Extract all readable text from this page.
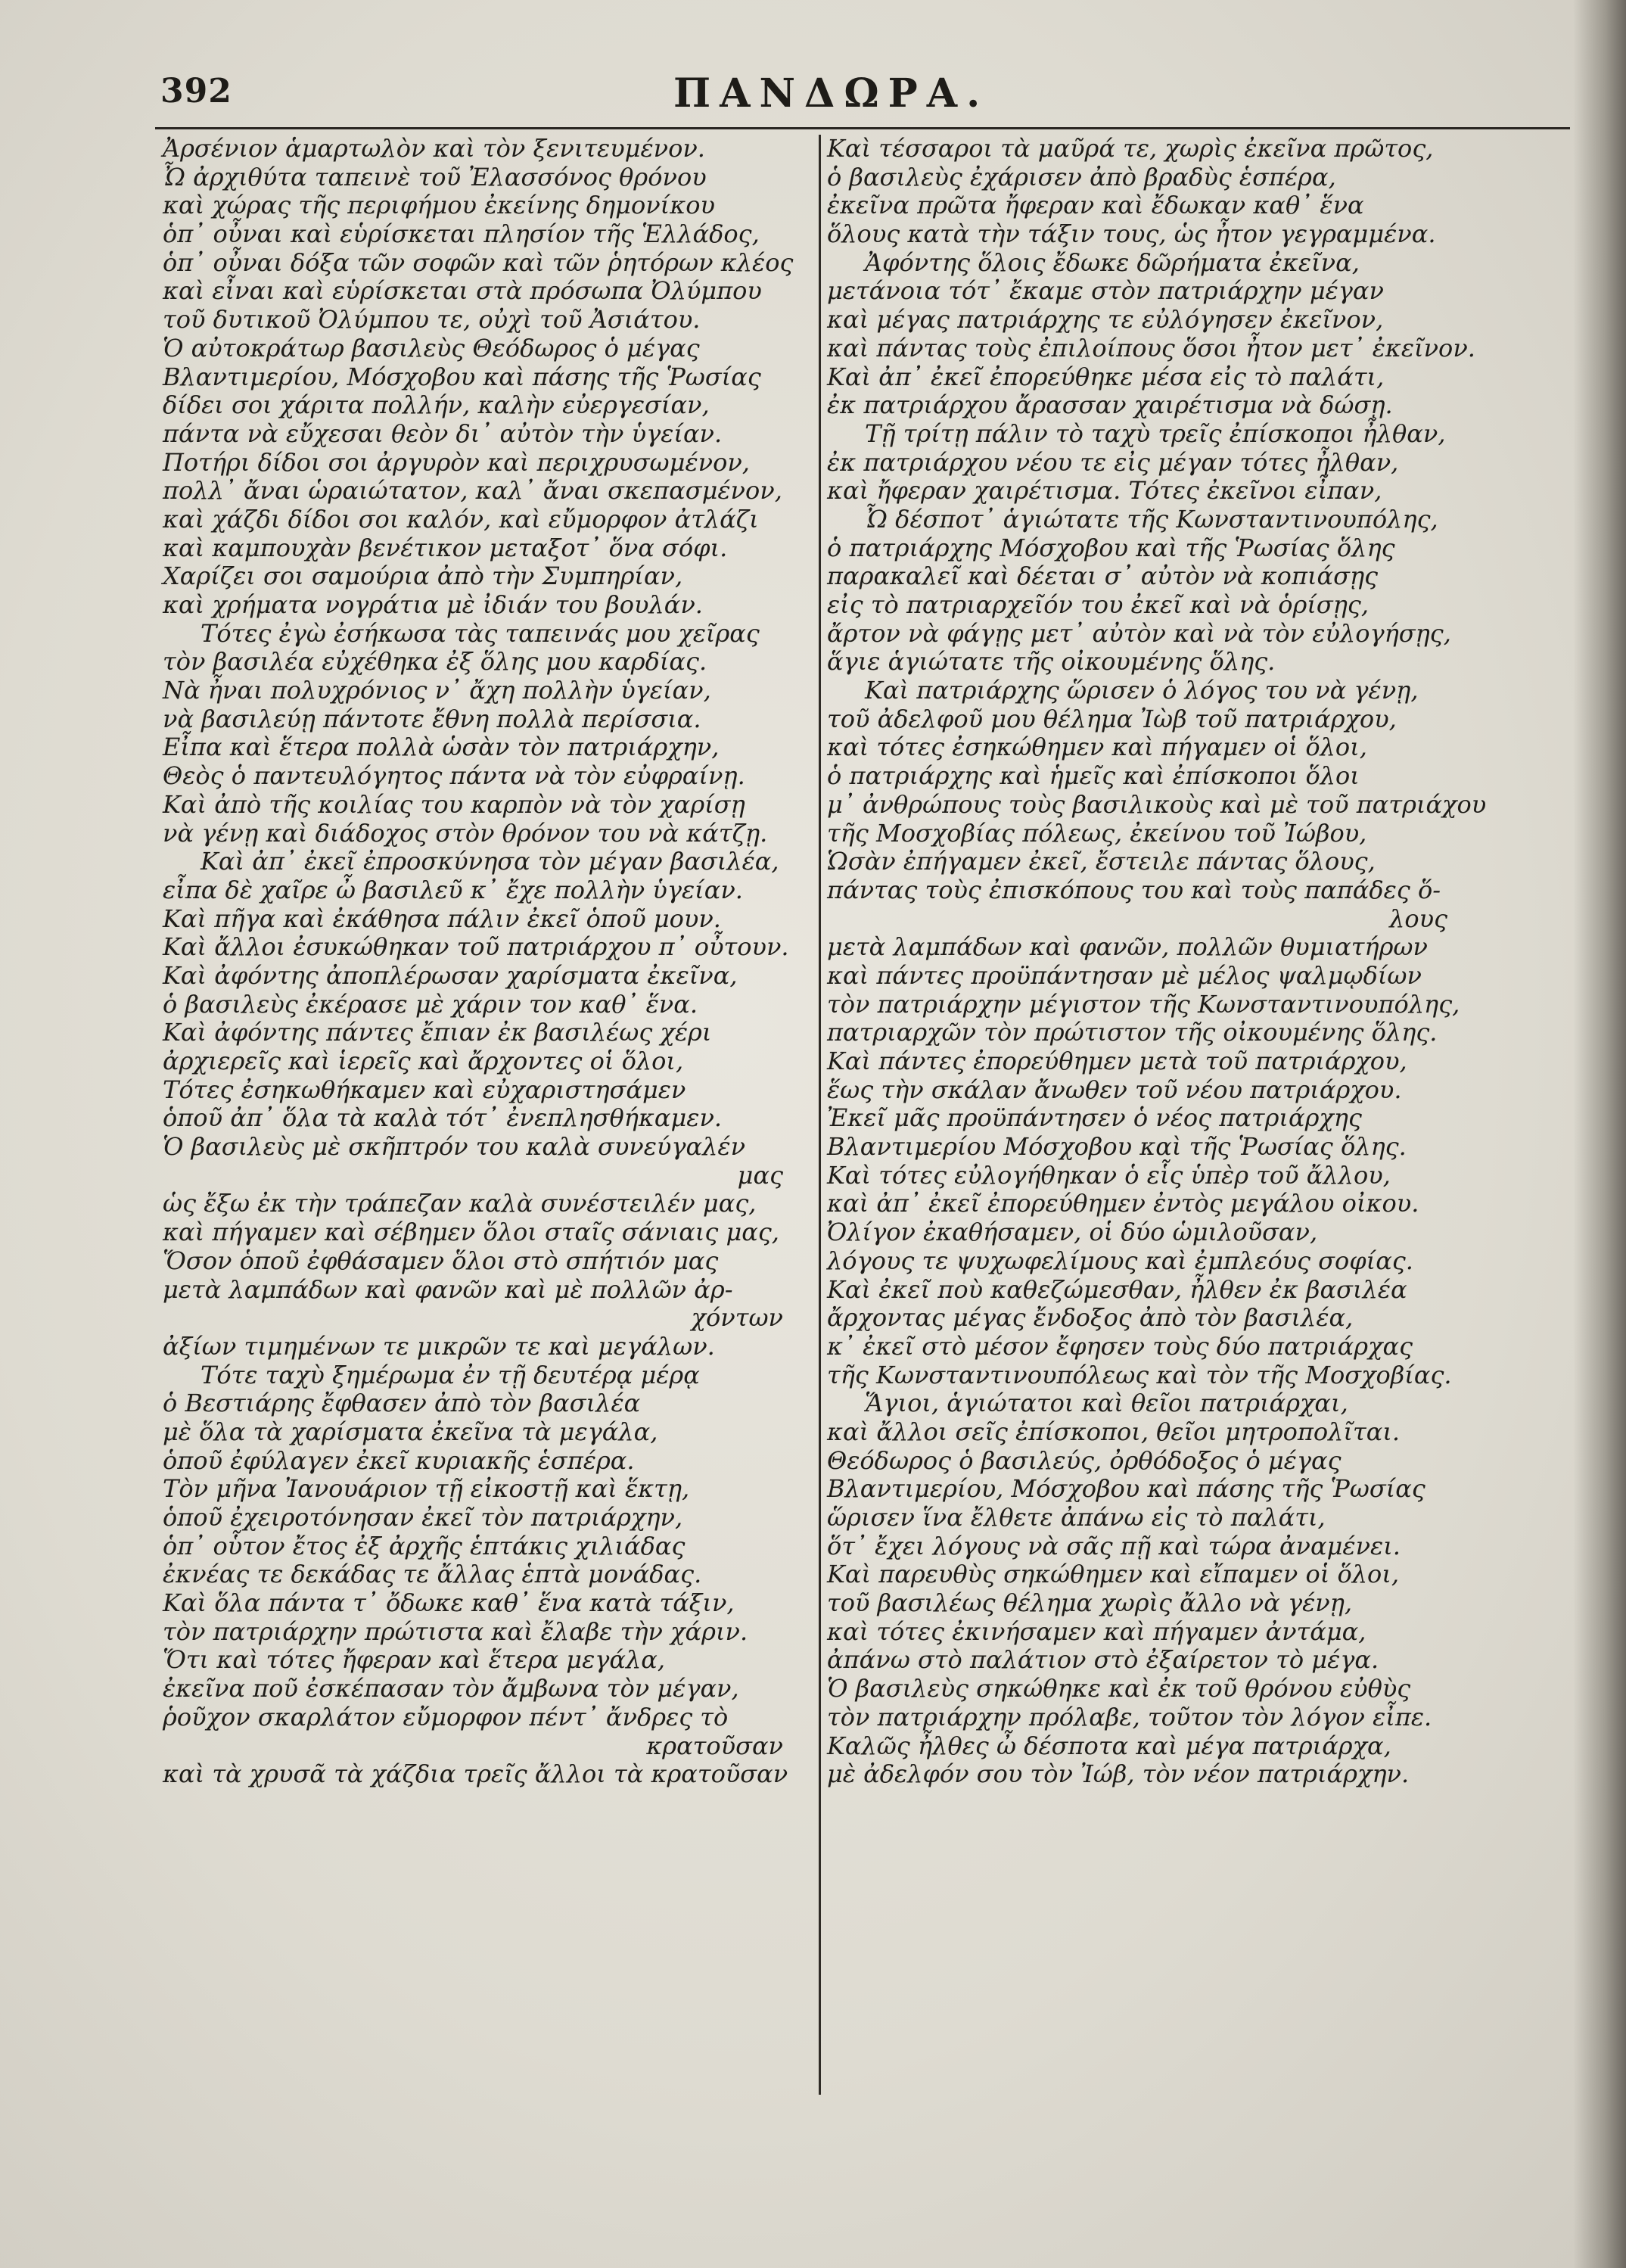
392	ΠΑΝΔΩΡΑ.
Ἀρσένιον ἁμαρτωλὸν καὶ τὸν ξενιτευμένον.
Ὦ ἀρχιθύτα ταπεινὲ τοῦ Ἐλασσόνος θρόνου
καὶ χώρας τῆς περιφήμου ἐκείνης δημονίκου
ὁπ᾽ οὖναι καὶ εὑρίσκεται πλησίον τῆς Ἑλλάδος,
ὁπ᾽ οὖναι δόξα τῶν σοφῶν καὶ τῶν ῥητόρων κλέος
καὶ εἶναι καὶ εὑρίσκεται στὰ πρόσωπα Ὀλύμπου
τοῦ δυτικοῦ Ὀλύμπου τε, οὐχὶ τοῦ Ἀσιάτου.
Ὁ αὐτοκράτωρ βασιλεὺς Θεόδωρος ὁ μέγας
Βλαντιμερίου, Μόσχοβου καὶ πάσης τῆς Ῥωσίας
δίδει σοι χάριτα πολλήν, καλὴν εὐεργεσίαν,
πάντα νὰ εὔχεσαι θεὸν δι᾽ αὐτὸν τὴν ὑγείαν.
Ποτήρι δίδοι σοι ἀργυρὸν καὶ περιχρυσωμένον,
πολλ᾽ ἄναι ὡραιώτατον, καλ᾽ ἄναι σκεπασμένον,
καὶ χάζδι δίδοι σοι καλόν, καὶ εὔμορφον ἀτλάζι
καὶ καμπουχὰν βενέτικον μεταξοτ᾽ ὅνα σόφι.
Χαρίζει σοι σαμούρια ἀπὸ τὴν Συμπηρίαν,
καὶ χρήματα νογράτια μὲ ἰδιάν του βουλάν.
Τότες ἐγὼ ἐσήκωσα τὰς ταπεινάς μου χεῖρας
τὸν βασιλέα εὐχέθηκα ἐξ ὅλης μου καρδίας.
Νὰ ἦναι πολυχρόνιος ν᾽ ἄχη πολλὴν ὑγείαν,
νὰ βασιλεύῃ πάντοτε ἔθνη πολλὰ περίσσια.
Εἶπα καὶ ἕτερα πολλὰ ὡσὰν τὸν πατριάρχην,
Θεὸς ὁ παντευλόγητος πάντα νὰ τὸν εὐφραίνῃ.
Καὶ ἀπὸ τῆς κοιλίας του καρπὸν νὰ τὸν χαρίσῃ
νὰ γένῃ καὶ διάδοχος στὸν θρόνον του νὰ κάτζῃ.
Καὶ ἀπ᾽ ἐκεῖ ἐπροσκύνησα τὸν μέγαν βασιλέα,
εἶπα δὲ χαῖρε ὦ βασιλεῦ κ᾽ ἔχε πολλὴν ὑγείαν.
Καὶ πῆγα καὶ ἐκάθησα πάλιν ἐκεῖ ὁποῦ μουν.
Καὶ ἄλλοι ἐσυκώθηκαν τοῦ πατριάρχου π᾽ οὖτουν.
Καὶ ἀφόντης ἀποπλέρωσαν χαρίσματα ἐκεῖνα,
ὁ βασιλεὺς ἐκέρασε μὲ χάριν τον καθ᾽ ἕνα.
Καὶ ἀφόντης πάντες ἔπιαν ἐκ βασιλέως χέρι
ἀρχιερεῖς καὶ ἱερεῖς καὶ ἄρχοντες οἱ ὅλοι,
Τότες ἐσηκωθήκαμεν καὶ εὐχαριστησάμεν
ὁποῦ ἀπ᾽ ὅλα τὰ καλὰ τότ᾽ ἐνεπλησθήκαμεν.
Ὁ βασιλεὺς μὲ σκῆπτρόν του καλὰ συνεύγαλέν
μας
ὡς ἔξω ἐκ τὴν τράπεζαν καλὰ συνέστειλέν μας,
καὶ πήγαμεν καὶ σέβημεν ὅλοι σταῖς σάνιαις μας,
Ὅσον ὁποῦ ἐφθάσαμεν ὅλοι στὸ σπήτιόν μας
μετὰ λαμπάδων καὶ φανῶν καὶ μὲ πολλῶν ἀρ-
χόντων
ἀξίων τιμημένων τε μικρῶν τε καὶ μεγάλων.
Τότε ταχὺ ξημέρωμα ἐν τῇ δευτέρᾳ μέρᾳ
ὁ Βεστιάρης ἔφθασεν ἀπὸ τὸν βασιλέα
μὲ ὅλα τὰ χαρίσματα ἐκεῖνα τὰ μεγάλα,
ὁποῦ ἐφύλαγεν ἐκεῖ κυριακῆς ἑσπέρα.
Τὸν μῆνα Ἰανουάριον τῇ εἰκοστῇ καὶ ἕκτῃ,
ὁποῦ ἐχειροτόνησαν ἐκεῖ τὸν πατριάρχην,
ὁπ᾽ οὗτον ἔτος ἐξ ἀρχῆς ἑπτάκις χιλιάδας
ἐκνέας τε δεκάδας τε ἄλλας ἑπτὰ μονάδας.
Καὶ ὅλα πάντα τ᾽ ὄδωκε καθ᾽ ἕνα κατὰ τάξιν,
τὸν πατριάρχην πρώτιστα καὶ ἔλαβε τὴν χάριν.
Ὅτι καὶ τότες ἤφεραν καὶ ἕτερα μεγάλα,
ἐκεῖνα ποῦ ἐσκέπασαν τὸν ἄμβωνα τὸν μέγαν,
ῥοῦχον σκαρλάτον εὔμορφον πέντ᾽ ἄνδρες τὸ
κρατοῦσαν
καὶ τὰ χρυσᾶ τὰ χάζδια τρεῖς ἄλλοι τὰ κρατοῦσαν
Καὶ τέσσαροι τὰ μαῦρά τε, χωρὶς ἐκεῖνα πρῶτος,
ὁ βασιλεὺς ἐχάρισεν ἀπὸ βραδὺς ἑσπέρα,
ἐκεῖνα πρῶτα ἤφεραν καὶ ἔδωκαν καθ᾽ ἕνα
ὅλους κατὰ τὴν τάξιν τους, ὡς ἦτον γεγραμμένα.
Ἀφόντης ὅλοις ἔδωκε δῶρήματα ἐκεῖνα,
μετάνοια τότ᾽ ἔκαμε στὸν πατριάρχην μέγαν
καὶ μέγας πατριάρχης τε εὐλόγησεν ἐκεῖνον,
καὶ πάντας τοὺς ἐπιλοίπους ὅσοι ἦτον μετ᾽ ἐκεῖνον.
Καὶ ἀπ᾽ ἐκεῖ ἐπορεύθηκε μέσα εἰς τὸ παλάτι,
ἐκ πατριάρχου ἄρασσαν χαιρέτισμα νὰ δώσῃ.
Τῇ τρίτῃ πάλιν τὸ ταχὺ τρεῖς ἐπίσκοποι ἦλθαν,
ἐκ πατριάρχου νέου τε εἰς μέγαν τότες ἦλθαν,
καὶ ἤφεραν χαιρέτισμα. Τότες ἐκεῖνοι εἶπαν,
Ὦ δέσποτ᾽ ἁγιώτατε τῆς Κωνσταντινουπόλης,
ὁ πατριάρχης Μόσχοβου καὶ τῆς Ῥωσίας ὅλης
παρακαλεῖ καὶ δέεται σ᾽ αὐτὸν νὰ κοπιάσῃς
εἰς τὸ πατριαρχεῖόν του ἐκεῖ καὶ νὰ ὁρίσῃς,
ἄρτον νὰ φάγῃς μετ᾽ αὐτὸν καὶ νὰ τὸν εὐλογήσῃς,
ἅγιε ἁγιώτατε τῆς οἰκουμένης ὅλης.
Καὶ πατριάρχης ὥρισεν ὁ λόγος του νὰ γένῃ,
τοῦ ἀδελφοῦ μου θέλημα Ἰὼβ τοῦ πατριάρχου,
καὶ τότες ἐσηκώθημεν καὶ πήγαμεν οἱ ὅλοι,
ὁ πατριάρχης καὶ ἡμεῖς καὶ ἐπίσκοποι ὅλοι
μ᾽ ἀνθρώπους τοὺς βασιλικοὺς καὶ μὲ τοῦ πατριάχου
τῆς Μοσχοβίας πόλεως, ἐκείνου τοῦ Ἰώβου,
Ὡσὰν ἐπήγαμεν ἐκεῖ, ἔστειλε πάντας ὅλους,
πάντας τοὺς ἐπισκόπους του καὶ τοὺς παπάδες ὅ-
λους
μετὰ λαμπάδων καὶ φανῶν, πολλῶν θυμιατήρων
καὶ πάντες προϋπάντησαν μὲ μέλος ψαλμῳδίων
τὸν πατριάρχην μέγιστον τῆς Κωνσταντινουπόλης,
πατριαρχῶν τὸν πρώτιστον τῆς οἰκουμένης ὅλης.
Καὶ πάντες ἐπορεύθημεν μετὰ τοῦ πατριάρχου,
ἕως τὴν σκάλαν ἄνωθεν τοῦ νέου πατριάρχου.
Ἐκεῖ μᾶς προϋπάντησεν ὁ νέος πατριάρχης
Βλαντιμερίου Μόσχοβου καὶ τῆς Ῥωσίας ὅλης.
Καὶ τότες εὐλογήθηκαν ὁ εἷς ὑπὲρ τοῦ ἄλλου,
καὶ ἀπ᾽ ἐκεῖ ἐπορεύθημεν ἐντὸς μεγάλου οἰκου.
Ὀλίγον ἐκαθήσαμεν, οἱ δύο ὡμιλοῦσαν,
λόγους τε ψυχωφελίμους καὶ ἐμπλεόυς σοφίας.
Καὶ ἐκεῖ ποὺ καθεζώμεσθαν, ἦλθεν ἐκ βασιλέα
ἄρχοντας μέγας ἔνδοξος ἀπὸ τὸν βασιλέα,
κ᾽ ἐκεῖ στὸ μέσον ἔφησεν τοὺς δύο πατριάρχας
τῆς Κωνσταντινουπόλεως καὶ τὸν τῆς Μοσχοβίας.
Ἅγιοι, ἁγιώτατοι καὶ θεῖοι πατριάρχαι,
καὶ ἄλλοι σεῖς ἐπίσκοποι, θεῖοι μητροπολῖται.
Θεόδωρος ὁ βασιλεύς, ὀρθόδοξος ὁ μέγας
Βλαντιμερίου, Μόσχοβου καὶ πάσης τῆς Ῥωσίας
ὥρισεν ἵνα ἔλθετε ἀπάνω εἰς τὸ παλάτι,
ὅτ᾽ ἔχει λόγους νὰ σᾶς πῇ καὶ τώρα ἀναμένει.
Καὶ παρευθὺς σηκώθημεν καὶ εἴπαμεν οἱ ὅλοι,
τοῦ βασιλέως θέλημα χωρὶς ἄλλο νὰ γένῃ,
καὶ τότες ἐκινήσαμεν καὶ πήγαμεν ἀντάμα,
ἀπάνω στὸ παλάτιον στὸ ἐξαίρετον τὸ μέγα.
Ὁ βασιλεὺς σηκώθηκε καὶ ἐκ τοῦ θρόνου εὐθὺς
τὸν πατριάρχην πρόλαβε, τοῦτον τὸν λόγον εἶπε.
Καλῶς ἦλθες ὦ δέσποτα καὶ μέγα πατριάρχα,
μὲ ἀδελφόν σου τὸν Ἰώβ, τὸν νέον πατριάρχην.
